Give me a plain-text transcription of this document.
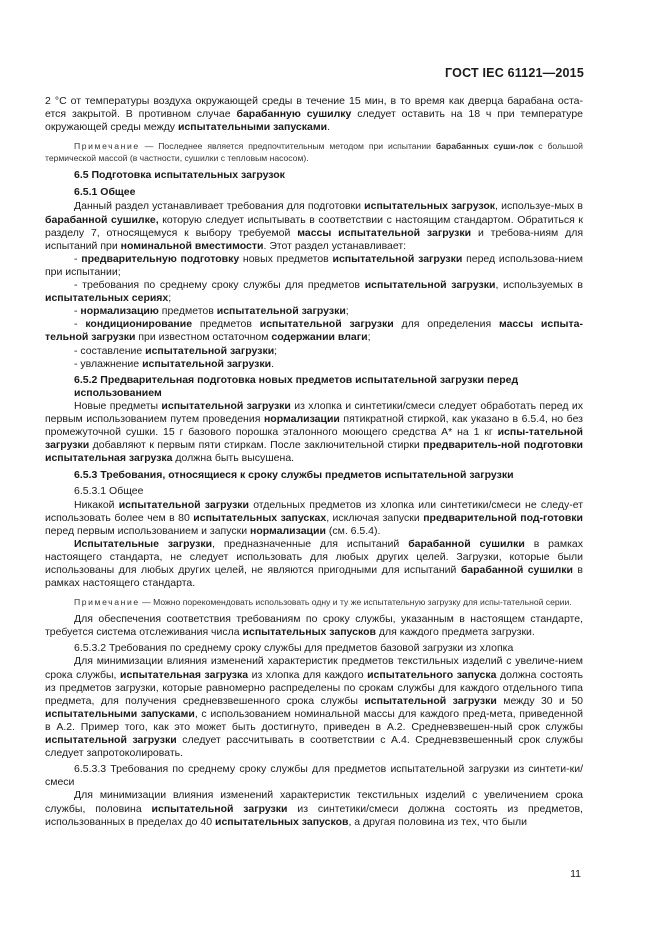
ГОСТ IEC 61121—2015

2 °C от температуры воздуха окружающей среды в течение 15 мин, в то время как дверца барабана оста-ется закрытой. В противном случае барабанную сушилку следует оставить на 18 ч при температуре окружающей среды между испытательными запусками.

Примечание — Последнее является предпочтительным методом при испытании барабанных суши-лок с большой термической массой (в частности, сушилки с тепловым насосом).

6.5 Подготовка испытательных загрузок

6.5.1 Общее

Данный раздел устанавливает требования для подготовки испытательных загрузок, используе-мых в барабанной сушилке, которую следует испытывать в соответствии с настоящим стандартом. Обратиться к разделу 7, относящемуся к выбору требуемой массы испытательной загрузки и требова-ниям для испытаний при номинальной вместимости. Этот раздел устанавливает:

- предварительную подготовку новых предметов испытательной загрузки перед использова-нием при испытании;

- требования по среднему сроку службы для предметов испытательной загрузки, используемых в испытательных сериях;

- нормализацию предметов испытательной загрузки;

- кондиционирование предметов испытательной загрузки для определения массы испыта-тельной загрузки при известном остаточном содержании влаги;

- составление испытательной загрузки;

- увлажнение испытательной загрузки.

6.5.2 Предварительная подготовка новых предметов испытательной загрузки перед использованием

Новые предметы испытательной загрузки из хлопка и синтетики/смеси следует обработать перед их первым использованием путем проведения нормализации пятикратной стиркой, как указано в 6.5.4, но без промежуточной сушки. 15 г базового порошка эталонного моющего средства А* на 1 кг испы-тательной загрузки добавляют к первым пяти стиркам. После заключительной стирки предваритель-ной подготовки испытательная загрузка должна быть высушена.

6.5.3 Требования, относящиеся к сроку службы предметов испытательной загрузки

6.5.3.1 Общее

Никакой испытательной загрузки отдельных предметов из хлопка или синтетики/смеси не следу-ет использовать более чем в 80 испытательных запусках, исключая запуски предварительной под-готовки перед первым использованием и запуски нормализации (см. 6.5.4).

Испытательные загрузки, предназначенные для испытаний барабанной сушилки в рамках настоящего стандарта, не следует использовать для любых других целей. Загрузки, которые были использованы для любых других целей, не являются пригодными для испытаний барабанной сушилки в рамках настоящего стандарта.

Примечание — Можно порекомендовать использовать одну и ту же испытательную загрузку для испы-тательной серии.

Для обеспечения соответствия требованиям по сроку службы, указанным в настоящем стандарте, требуется система отслеживания числа испытательных запусков для каждого предмета загрузки.

6.5.3.2 Требования по среднему сроку службы для предметов базовой загрузки из хлопка

Для минимизации влияния изменений характеристик предметов текстильных изделий с увеличе-нием срока службы, испытательная загрузка из хлопка для каждого испытательного запуска должна состоять из предметов загрузки, которые равномерно распределены по срокам службы для каждого отдельного типа предмета, для получения средневзвешенного срока службы испытательной загрузки между 30 и 50 испытательными запусками, с использованием номинальной массы для каждого пред-мета, приведенной в А.2. Пример того, как это может быть достигнуто, приведен в А.2. Средневзвешен-ный срок службы испытательной загрузки следует рассчитывать в соответствии с А.4. Средневзвешенный срок службы следует запротоколировать.

6.5.3.3 Требования по среднему сроку службы для предметов испытательной загрузки из синтети-ки/смеси

Для минимизации влияния изменений характеристик текстильных изделий с увеличением срока службы, половина испытательной загрузки из синтетики/смеси должна состоять из предметов, использованных в пределах до 40 испытательных запусков, а другая половина из тех, что были

11
